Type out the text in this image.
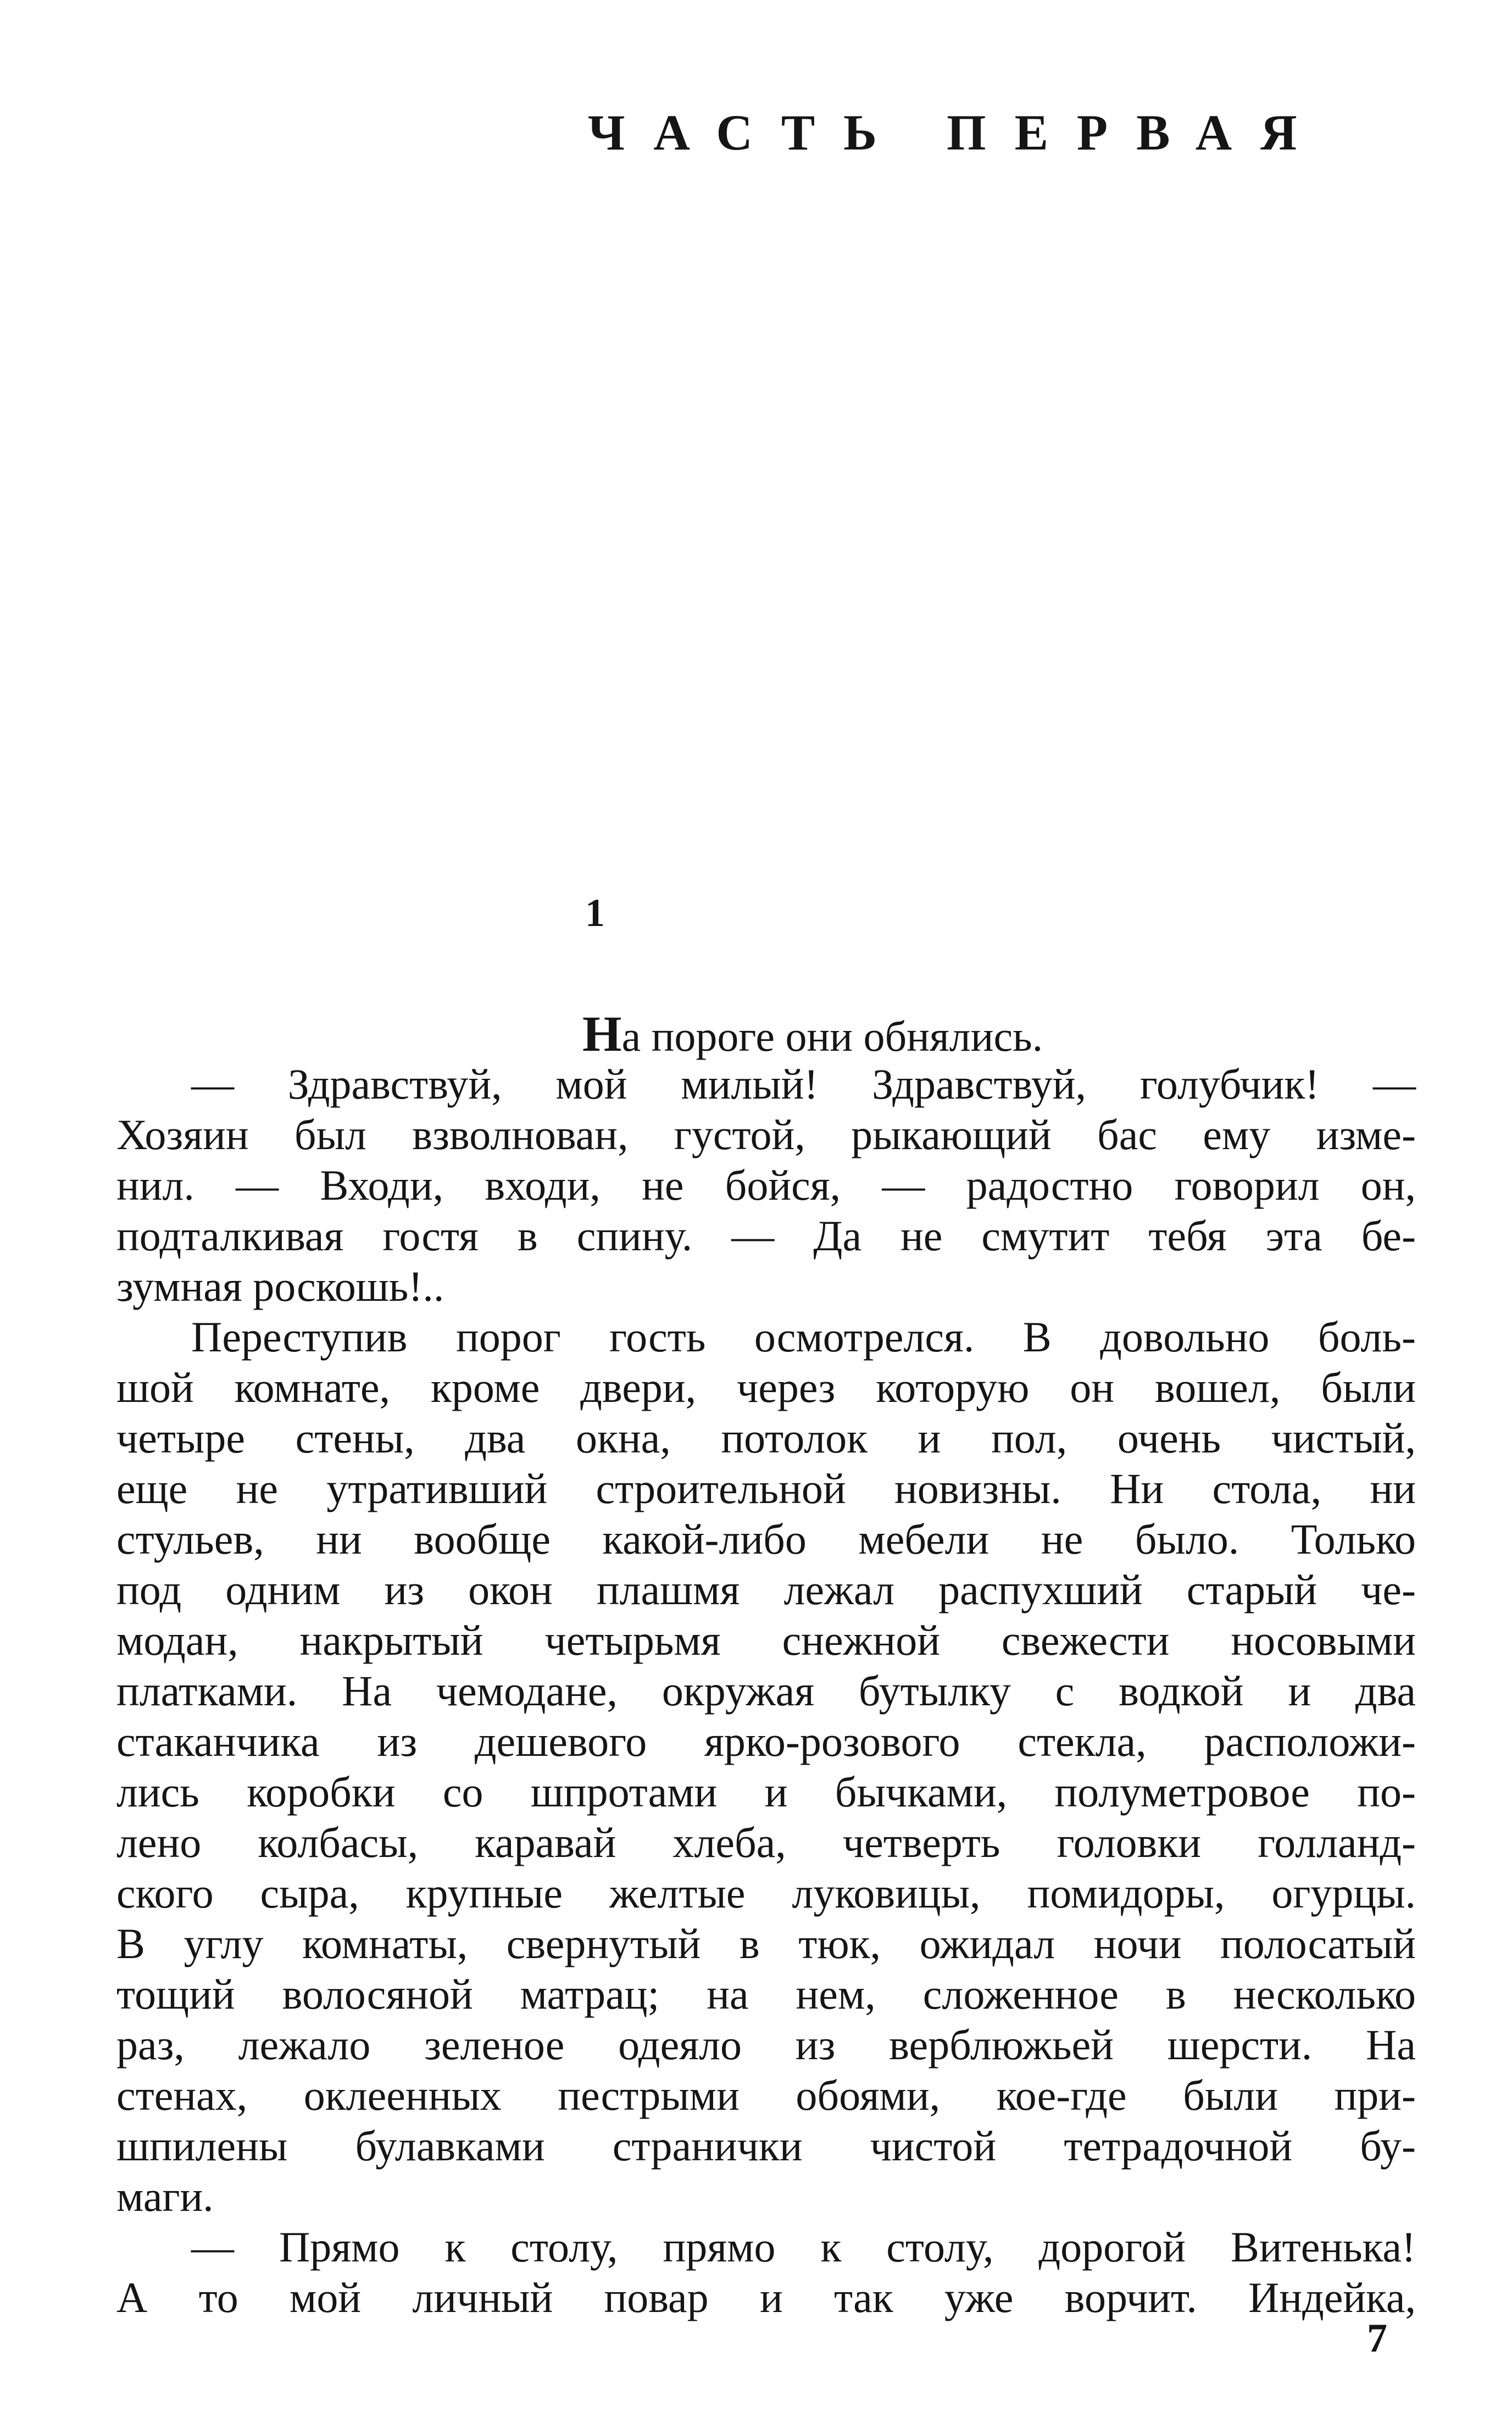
ЧАСТЬ ПЕРВАЯ
1
На пороге они обнялись.
— Здравствуй, мой милый! Здравствуй, голубчик! —
Хозяин был взволнован, густой, рыкающий бас ему изме-
нил. — Входи, входи, не бойся, — радостно говорил он,
подталкивая гостя в спину. — Да не смутит тебя эта бе-
зумная роскошь!..
Переступив порог гость осмотрелся. В довольно боль-
шой комнате, кроме двери, через которую он вошел, были
четыре стены, два окна, потолок и пол, очень чистый,
еще не утративший строительной новизны. Ни стола, ни
стульев, ни вообще какой-либо мебели не было. Только
под одним из окон плашмя лежал распухший старый че-
модан, накрытый четырьмя снежной свежести носовыми
платками. На чемодане, окружая бутылку с водкой и два
стаканчика из дешевого ярко-розового стекла, расположи-
лись коробки со шпротами и бычками, полуметровое по-
лено колбасы, каравай хлеба, четверть головки голланд-
ского сыра, крупные желтые луковицы, помидоры, огурцы.
В углу комнаты, свернутый в тюк, ожидал ночи полосатый
тощий волосяной матрац; на нем, сложенное в несколько
раз, лежало зеленое одеяло из верблюжьей шерсти. На
стенах, оклеенных пестрыми обоями, кое-где были при-
шпилены булавками странички чистой тетрадочной бу-
маги.
— Прямо к столу, прямо к столу, дорогой Витенька!
А то мой личный повар и так уже ворчит. Индейка,
7
